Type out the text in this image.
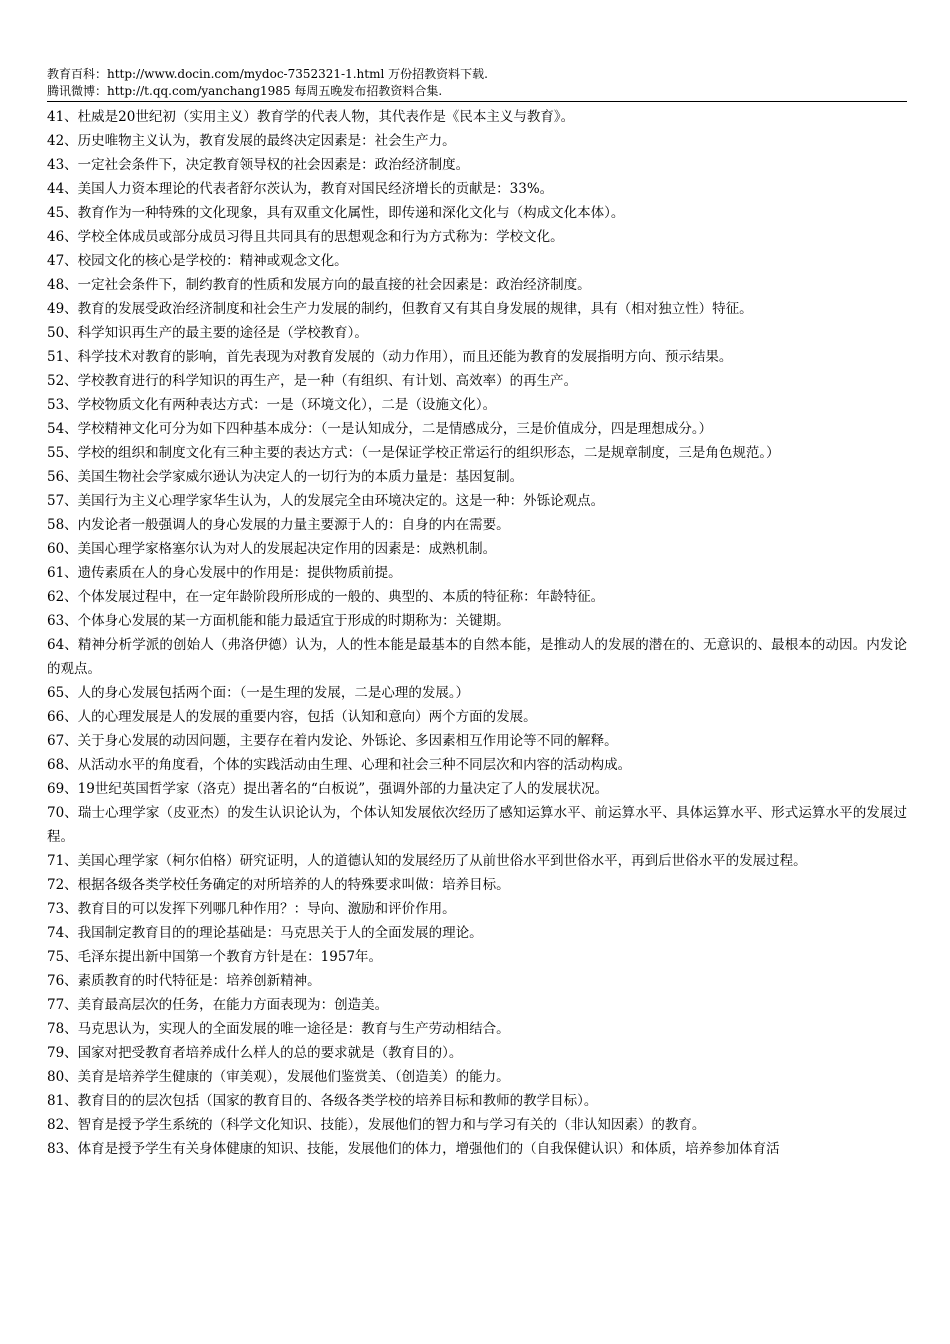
教育百科：http://www.docin.com/mydoc-7352321-1.html 万份招教资料下载.
腾讯微博：http://t.qq.com/yanchang1985 每周五晚发布招教资料合集.
41、杜威是20世纪初（实用主义）教育学的代表人物，其代表作是《民本主义与教育》。
42、历史唯物主义认为，教育发展的最终决定因素是：社会生产力。
43、一定社会条件下，决定教育领导权的社会因素是：政治经济制度。
44、美国人力资本理论的代表者舒尔茨认为，教育对国民经济增长的贡献是：33%。
45、教育作为一种特殊的文化现象，具有双重文化属性，即传递和深化文化与（构成文化本体）。
46、学校全体成员或部分成员习得且共同具有的思想观念和行为方式称为：学校文化。
47、校园文化的核心是学校的：精神或观念文化。
48、一定社会条件下，制约教育的性质和发展方向的最直接的社会因素是：政治经济制度。
49、教育的发展受政治经济制度和社会生产力发展的制约，但教育又有其自身发展的规律，具有（相对独立性）特征。
50、科学知识再生产的最主要的途径是（学校教育）。
51、科学技术对教育的影响，首先表现为对教育发展的（动力作用），而且还能为教育的发展指明方向、预示结果。
52、学校教育进行的科学知识的再生产，是一种（有组织、有计划、高效率）的再生产。
53、学校物质文化有两种表达方式：一是（环境文化），二是（设施文化）。
54、学校精神文化可分为如下四种基本成分：（一是认知成分，二是情感成分，三是价值成分，四是理想成分。）
55、学校的组织和制度文化有三种主要的表达方式：（一是保证学校正常运行的组织形态，二是规章制度，三是角色规范。）
56、美国生物社会学家威尔逊认为决定人的一切行为的本质力量是：基因复制。
57、美国行为主义心理学家华生认为，人的发展完全由环境决定的。这是一种：外铄论观点。
58、内发论者一般强调人的身心发展的力量主要源于人的：自身的内在需要。
60、美国心理学家格塞尔认为对人的发展起决定作用的因素是：成熟机制。
61、遗传素质在人的身心发展中的作用是：提供物质前提。
62、个体发展过程中，在一定年龄阶段所形成的一般的、典型的、本质的特征称：年龄特征。
63、个体身心发展的某一方面机能和能力最适宜于形成的时期称为：关键期。
64、精神分析学派的创始人（弗洛伊德）认为，人的性本能是最基本的自然本能，是推动人的发展的潜在的、无意识的、最根本的动因。内发论的观点。
65、人的身心发展包括两个面：（一是生理的发展，二是心理的发展。）
66、人的心理发展是人的发展的重要内容，包括（认知和意向）两个方面的发展。
67、关于身心发展的动因问题，主要存在着内发论、外铄论、多因素相互作用论等不同的解释。
68、从活动水平的角度看，个体的实践活动由生理、心理和社会三种不同层次和内容的活动构成。
69、19世纪英国哲学家（洛克）提出著名的“白板说”，强调外部的力量决定了人的发展状况。
70、瑞士心理学家（皮亚杰）的发生认识论认为，个体认知发展依次经历了感知运算水平、前运算水平、具体运算水平、形式运算水平的发展过程。
71、美国心理学家（柯尔伯格）研究证明，人的道德认知的发展经历了从前世俗水平到世俗水平，再到后世俗水平的发展过程。
72、根据各级各类学校任务确定的对所培养的人的特殊要求叫做：培养目标。
73、教育目的可以发挥下列哪几种作用？：导向、激励和评价作用。
74、我国制定教育目的的理论基础是：马克思关于人的全面发展的理论。
75、毛泽东提出新中国第一个教育方针是在：1957年。
76、素质教育的时代特征是：培养创新精神。
77、美育最高层次的任务，在能力方面表现为：创造美。
78、马克思认为，实现人的全面发展的唯一途径是：教育与生产劳动相结合。
79、国家对把受教育者培养成什么样人的总的要求就是（教育目的）。
80、美育是培养学生健康的（审美观），发展他们鉴赏美、（创造美）的能力。
81、教育目的的层次包括（国家的教育目的、各级各类学校的培养目标和教师的教学目标）。
82、智育是授予学生系统的（科学文化知识、技能），发展他们的智力和与学习有关的（非认知因素）的教育。
83、体育是授予学生有关身体健康的知识、技能，发展他们的体力，增强他们的（自我保健认识）和体质，培养参加体育活
